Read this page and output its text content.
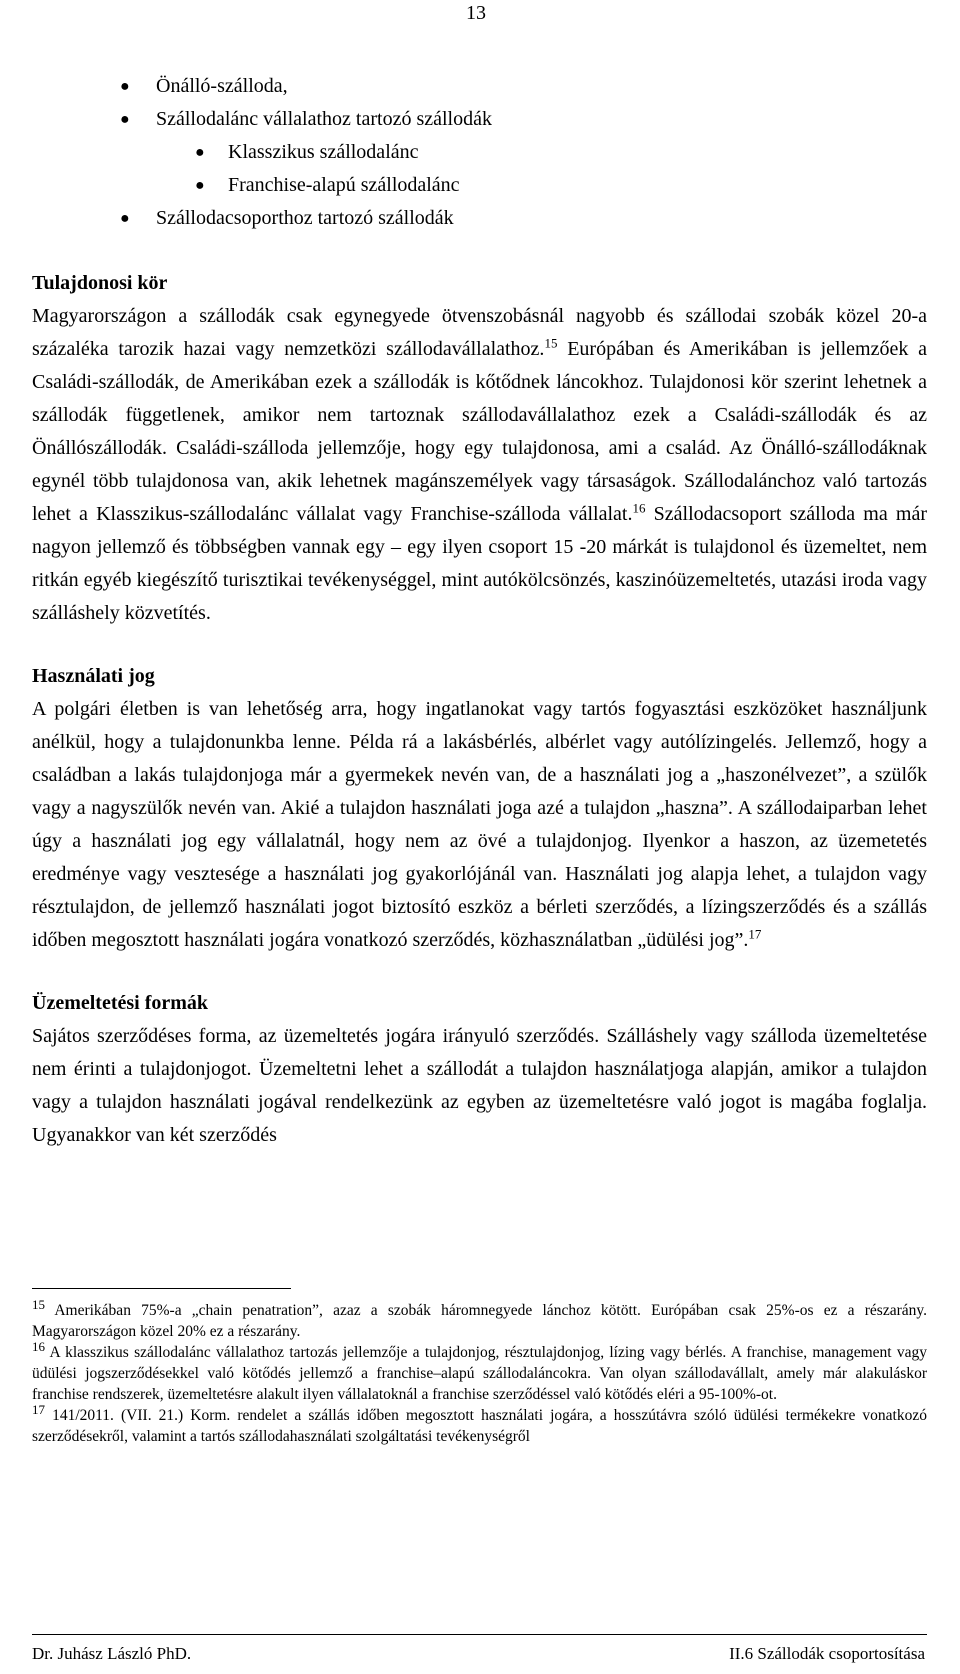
13
● Önálló-szálloda,
● Szállodalánc vállalathoz tartozó szállodák
● Klasszikus szállodalánc
● Franchise-alapú szállodalánc
● Szállodacsoporthoz tartozó szállodák
Tulajdonosi kör

Magyarországon a szállodák csak egynegyede ötvenszobásnál nagyobb és szállodai szobák közel 20-a százaléka tarozik hazai vagy nemzetközi szállodavállalathoz.$^{15}$ Európában és Amerikában is jellemzőek a Családi-szállodák, de Amerikában ezek a szállodák is kőtődnek láncokhoz. Tulajdonosi kör szerint lehetnek a szállodák függetlenek, amikor nem tartoznak szállodavállalathoz ezek a Családi-szállodák és az Önállószállodák. Családi-szálloda jellemzője, hogy egy tulajdonosa, ami a család. Az Önálló-szállodáknak egynél több tulajdonosa van, akik lehetnek magánszemélyek vagy társaságok. Szállodalánchoz való tartozás lehet a Klasszikus-szállodalánc vállalat vagy Franchise-szálloda vállalat.$^{16}$ Szállodacsoport szálloda ma már nagyon jellemző és többségben vannak egy – egy ilyen csoport 15 -20 márkát is tulajdonol és üzemeltet, nem ritkán egyéb kiegészítő turisztikai tevékenységgel, mint autókölcsönzés, kaszinóüzemeltetés, utazási iroda vagy szálláshely közvetítés.

Használati jog

A polgári életben is van lehetőség arra, hogy ingatlanokat vagy tartós fogyasztási eszközöket használjunk anélkül, hogy a tulajdonunkba lenne. Példa rá a lakásbérlés, albérlet vagy autólízingelés. Jellemző, hogy a családban a lakás tulajdonjoga már a gyermekek nevén van, de a használati jog a „haszonélvezet”, a szülők vagy a nagyszülők nevén van. Akié a tulajdon használati joga azé a tulajdon „haszna”. A szállodaiparban lehet úgy a használati jog egy vállalatnál, hogy nem az övé a tulajdonjog. Ilyenkor a haszon, az üzemetetés eredménye vagy vesztesége a használati jog gyakorlójánál van. Használati jog alapja lehet, a tulajdon vagy résztulajdon, de jellemző használati jogot biztosító eszköz a bérleti szerződés, a lízingszerződés és a szállás időben megosztott használati jogára vonatkozó szerződés, közhasználatban „üdülési jog”.$^{17}$

Üzemeltetési formák

Sajátos szerződéses forma, az üzemeltetés jogára irányuló szerződés. Szálláshely vagy szálloda üzemeltetése nem érinti a tulajdonjogot. Üzemeltetni lehet a szállodát a tulajdon használatjoga alapján, amikor a tulajdon vagy a tulajdon használati jogával rendelkezünk az egyben az üzemeltetésre való jogot is magába foglalja. Ugyanakkor van két szerződés

$^{15}$ Amerikában 75%-a „chain penatration”, azaz a szobák háromnegyede lánchoz kötött. Európában csak 25%-os ez a részarány. Magyarországon közel 20% ez a részarány.

$^{16}$ A klasszikus szállodalánc vállalathoz tartozás jellemzője a tulajdonjog, résztulajdonjog, lízing vagy bérlés. A franchise, management vagy üdülési jogszerződésekkel való kötődés jellemző a franchise–alapú szállodaláncokra. Van olyan szállodavállalt, amely már alakuláskor franchise rendszerek, üzemeltetésre alakult ilyen vállalatoknál a franchise szerződéssel való kötődés eléri a 95-100%-ot.

$^{17}$ 141/2011. (VII. 21.) Korm. rendelet a szállás időben megosztott használati jogára, a hosszútávra szóló üdülési termékekre vonatkozó szerződésekről, valamint a tartós szállodahasználati szolgáltatási tevékenységről

Dr. Juhász László PhD.	II.6 Szállodák csoportosítása
